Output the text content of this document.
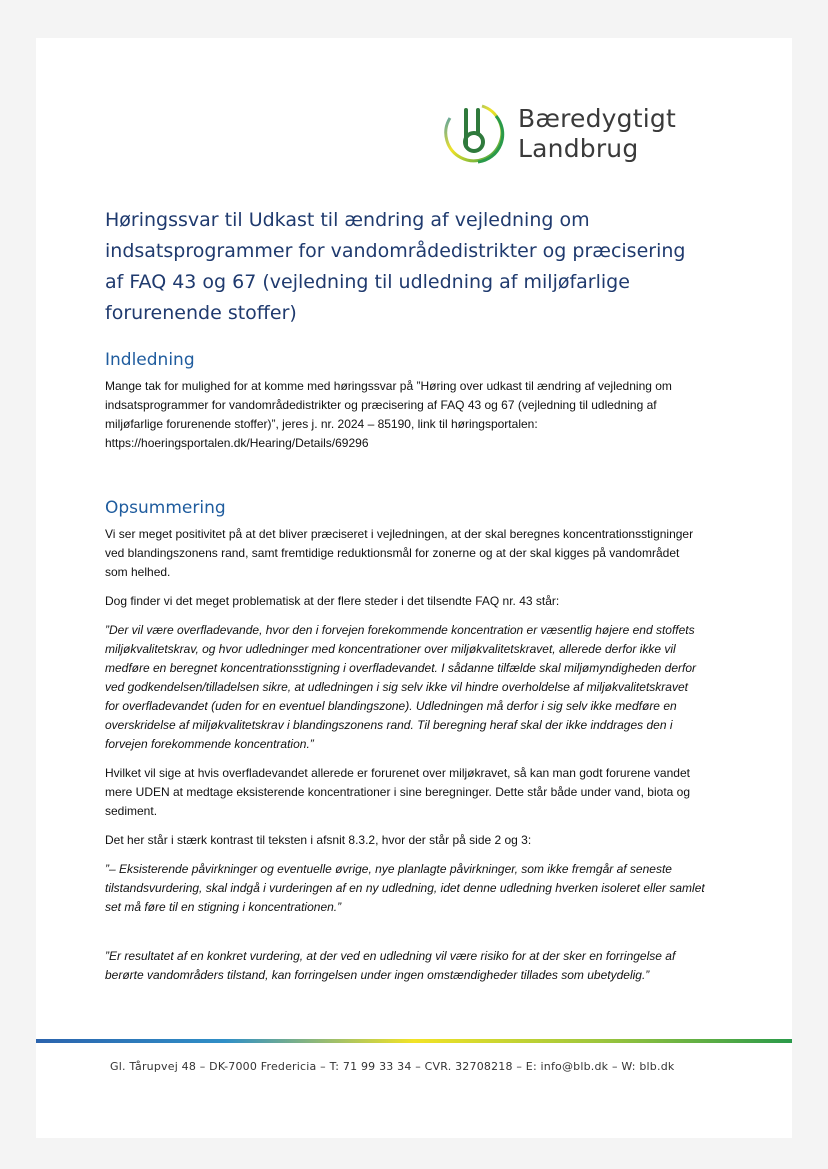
Bæredygtigt
Landbrug
Høringssvar til Udkast til ændring af vejledning om indsatsprogrammer for vandområdedistrikter og præcisering af FAQ 43 og 67 (vejledning til udledning af miljøfarlige forurenende stoffer)
Indledning

Mange tak for mulighed for at komme med høringssvar på ”Høring over udkast til ændring af vejledning om indsatsprogrammer for vandområdedistrikter og præcisering af FAQ 43 og 67 (vejledning til udledning af miljøfarlige forurenende stoffer)”, jeres j. nr. 2024 – 85190, link til høringsportalen: https://hoeringsportalen.dk/Hearing/Details/69296

Opsummering

Vi ser meget positivitet på at det bliver præciseret i vejledningen, at der skal beregnes koncentrationsstigninger ved blandingszonens rand, samt fremtidige reduktionsmål for zonerne og at der skal kigges på vandområdet som helhed.

Dog finder vi det meget problematisk at der flere steder i det tilsendte FAQ nr. 43 står:

”Der vil være overfladevande, hvor den i forvejen forekommende koncentration er væsentlig højere end stoffets miljøkvalitetskrav, og hvor udledninger med koncentrationer over miljøkvalitetskravet, allerede derfor ikke vil medføre en beregnet koncentrationsstigning i overfladevandet. I sådanne tilfælde skal miljømyndigheden derfor ved godkendelsen/tilladelsen sikre, at udledningen i sig selv ikke vil hindre overholdelse af miljøkvalitetskravet for overfladevandet (uden for en eventuel blandingszone). Udledningen må derfor i sig selv ikke medføre en overskridelse af miljøkvalitetskrav i blandingszonens rand. Til beregning heraf skal der ikke inddrages den i forvejen forekommende koncentration.”

Hvilket vil sige at hvis overfladevandet allerede er forurenet over miljøkravet, så kan man godt forurene vandet mere UDEN at medtage eksisterende koncentrationer i sine beregninger. Dette står både under vand, biota og sediment.

Det her står i stærk kontrast til teksten i afsnit 8.3.2, hvor der står på side 2 og 3:

”– Eksisterende påvirkninger og eventuelle øvrige, nye planlagte påvirkninger, som ikke fremgår af seneste tilstandsvurdering, skal indgå i vurderingen af en ny udledning, idet denne udledning hverken isoleret eller samlet set må føre til en stigning i koncentrationen.”

”Er resultatet af en konkret vurdering, at der ved en udledning vil være risiko for at der sker en forringelse af berørte vandområders tilstand, kan forringelsen under ingen omstændigheder tillades som ubetydelig.”

Gl. Tårupvej 48 – DK-7000 Fredericia – T: 71 99 33 34 – CVR. 32708218 – E: info@blb.dk – W: blb.dk
